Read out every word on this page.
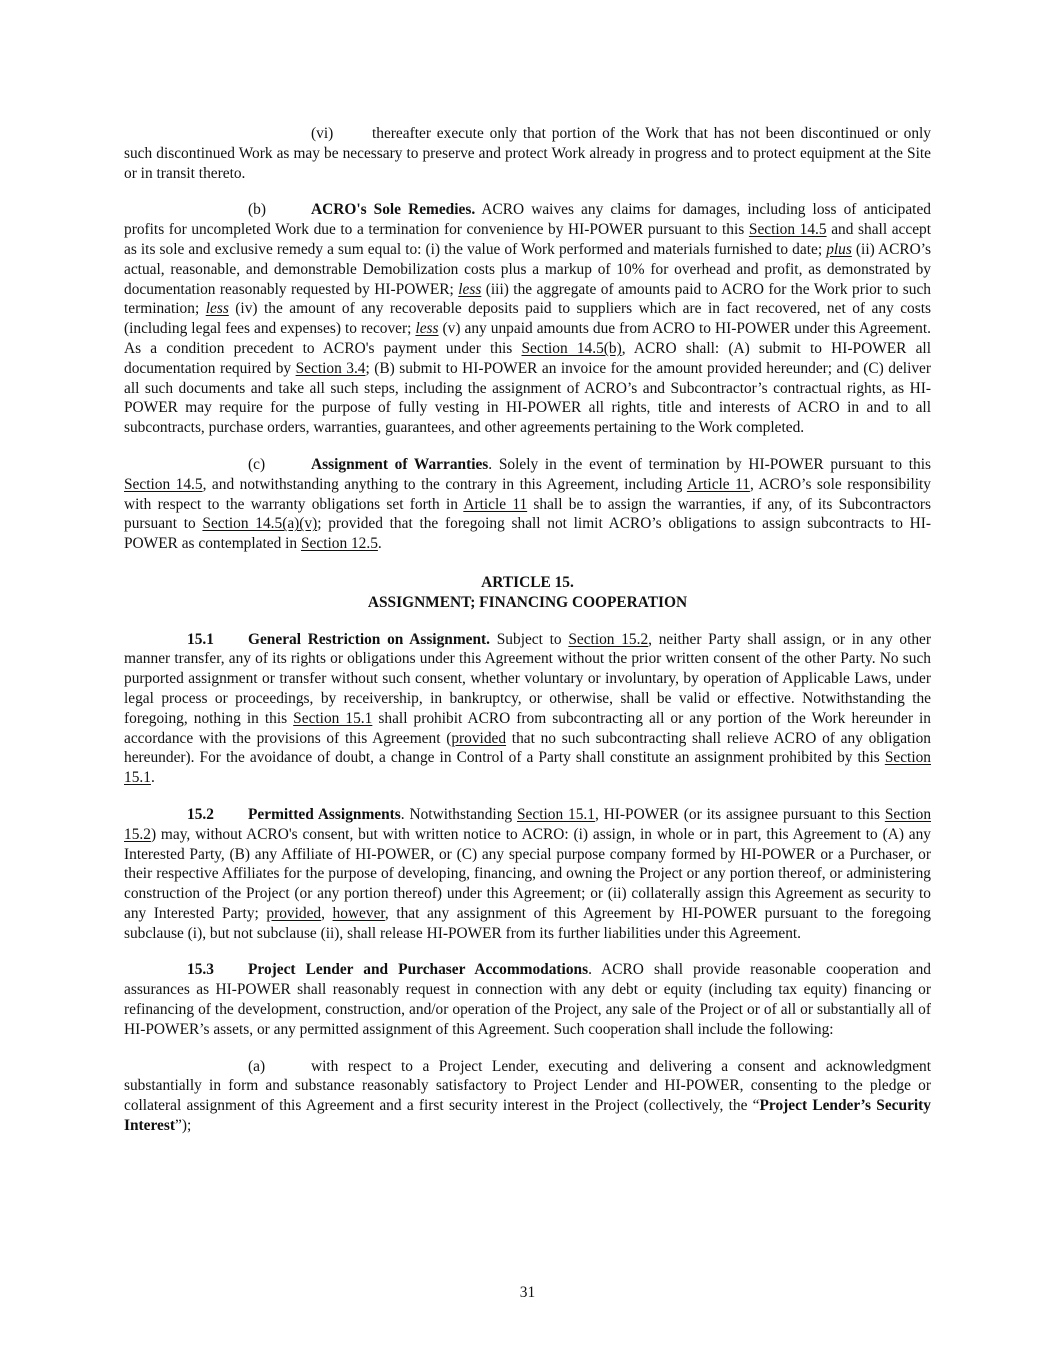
(vi)	thereafter execute only that portion of the Work that has not been discontinued or only such discontinued Work as may be necessary to preserve and protect Work already in progress and to protect equipment at the Site or in transit thereto.

(b)	ACRO's Sole Remedies. ACRO waives any claims for damages, including loss of anticipated profits for uncompleted Work due to a termination for convenience by HI-POWER pursuant to this Section 14.5 and shall accept as its sole and exclusive remedy a sum equal to: (i) the value of Work performed and materials furnished to date; plus (ii) ACRO’s actual, reasonable, and demonstrable Demobilization costs plus a markup of 10% for overhead and profit, as demonstrated by documentation reasonably requested by HI-POWER; less (iii) the aggregate of amounts paid to ACRO for the Work prior to such termination; less (iv) the amount of any recoverable deposits paid to suppliers which are in fact recovered, net of any costs (including legal fees and expenses) to recover; less (v) any unpaid amounts due from ACRO to HI-POWER under this Agreement. As a condition precedent to ACRO's payment under this Section 14.5(b), ACRO shall: (A) submit to HI-POWER all documentation required by Section 3.4; (B) submit to HI-POWER an invoice for the amount provided hereunder; and (C) deliver all such documents and take all such steps, including the assignment of ACRO’s and Subcontractor’s contractual rights, as HI-POWER may require for the purpose of fully vesting in HI-POWER all rights, title and interests of ACRO in and to all subcontracts, purchase orders, warranties, guarantees, and other agreements pertaining to the Work completed.

(c)	Assignment of Warranties. Solely in the event of termination by HI-POWER pursuant to this Section 14.5, and notwithstanding anything to the contrary in this Agreement, including Article 11, ACRO’s sole responsibility with respect to the warranty obligations set forth in Article 11 shall be to assign the warranties, if any, of its Subcontractors pursuant to Section 14.5(a)(v); provided that the foregoing shall not limit ACRO’s obligations to assign subcontracts to HI-POWER as contemplated in Section 12.5.

ARTICLE 15.
ASSIGNMENT; FINANCING COOPERATION

15.1 General Restriction on Assignment. Subject to Section 15.2, neither Party shall assign, or in any other manner transfer, any of its rights or obligations under this Agreement without the prior written consent of the other Party. No such purported assignment or transfer without such consent, whether voluntary or involuntary, by operation of Applicable Laws, under legal process or proceedings, by receivership, in bankruptcy, or otherwise, shall be valid or effective. Notwithstanding the foregoing, nothing in this Section 15.1 shall prohibit ACRO from subcontracting all or any portion of the Work hereunder in accordance with the provisions of this Agreement (provided that no such subcontracting shall relieve ACRO of any obligation hereunder). For the avoidance of doubt, a change in Control of a Party shall constitute an assignment prohibited by this Section 15.1.

15.2 Permitted Assignments. Notwithstanding Section 15.1, HI-POWER (or its assignee pursuant to this Section 15.2) may, without ACRO's consent, but with written notice to ACRO: (i) assign, in whole or in part, this Agreement to (A) any Interested Party, (B) any Affiliate of HI-POWER, or (C) any special purpose company formed by HI-POWER or a Purchaser, or their respective Affiliates for the purpose of developing, financing, and owning the Project or any portion thereof, or administering construction of the Project (or any portion thereof) under this Agreement; or (ii) collaterally assign this Agreement as security to any Interested Party; provided, however, that any assignment of this Agreement by HI-POWER pursuant to the foregoing subclause (i), but not subclause (ii), shall release HI-POWER from its further liabilities under this Agreement.

15.3 Project Lender and Purchaser Accommodations. ACRO shall provide reasonable cooperation and assurances as HI-POWER shall reasonably request in connection with any debt or equity (including tax equity) financing or refinancing of the development, construction, and/or operation of the Project, any sale of the Project or of all or substantially all of HI-POWER’s assets, or any permitted assignment of this Agreement. Such cooperation shall include the following:

(a)	with respect to a Project Lender, executing and delivering a consent and acknowledgment substantially in form and substance reasonably satisfactory to Project Lender and HI-POWER, consenting to the pledge or collateral assignment of this Agreement and a first security interest in the Project (collectively, the “Project Lender’s Security Interest”);

31
